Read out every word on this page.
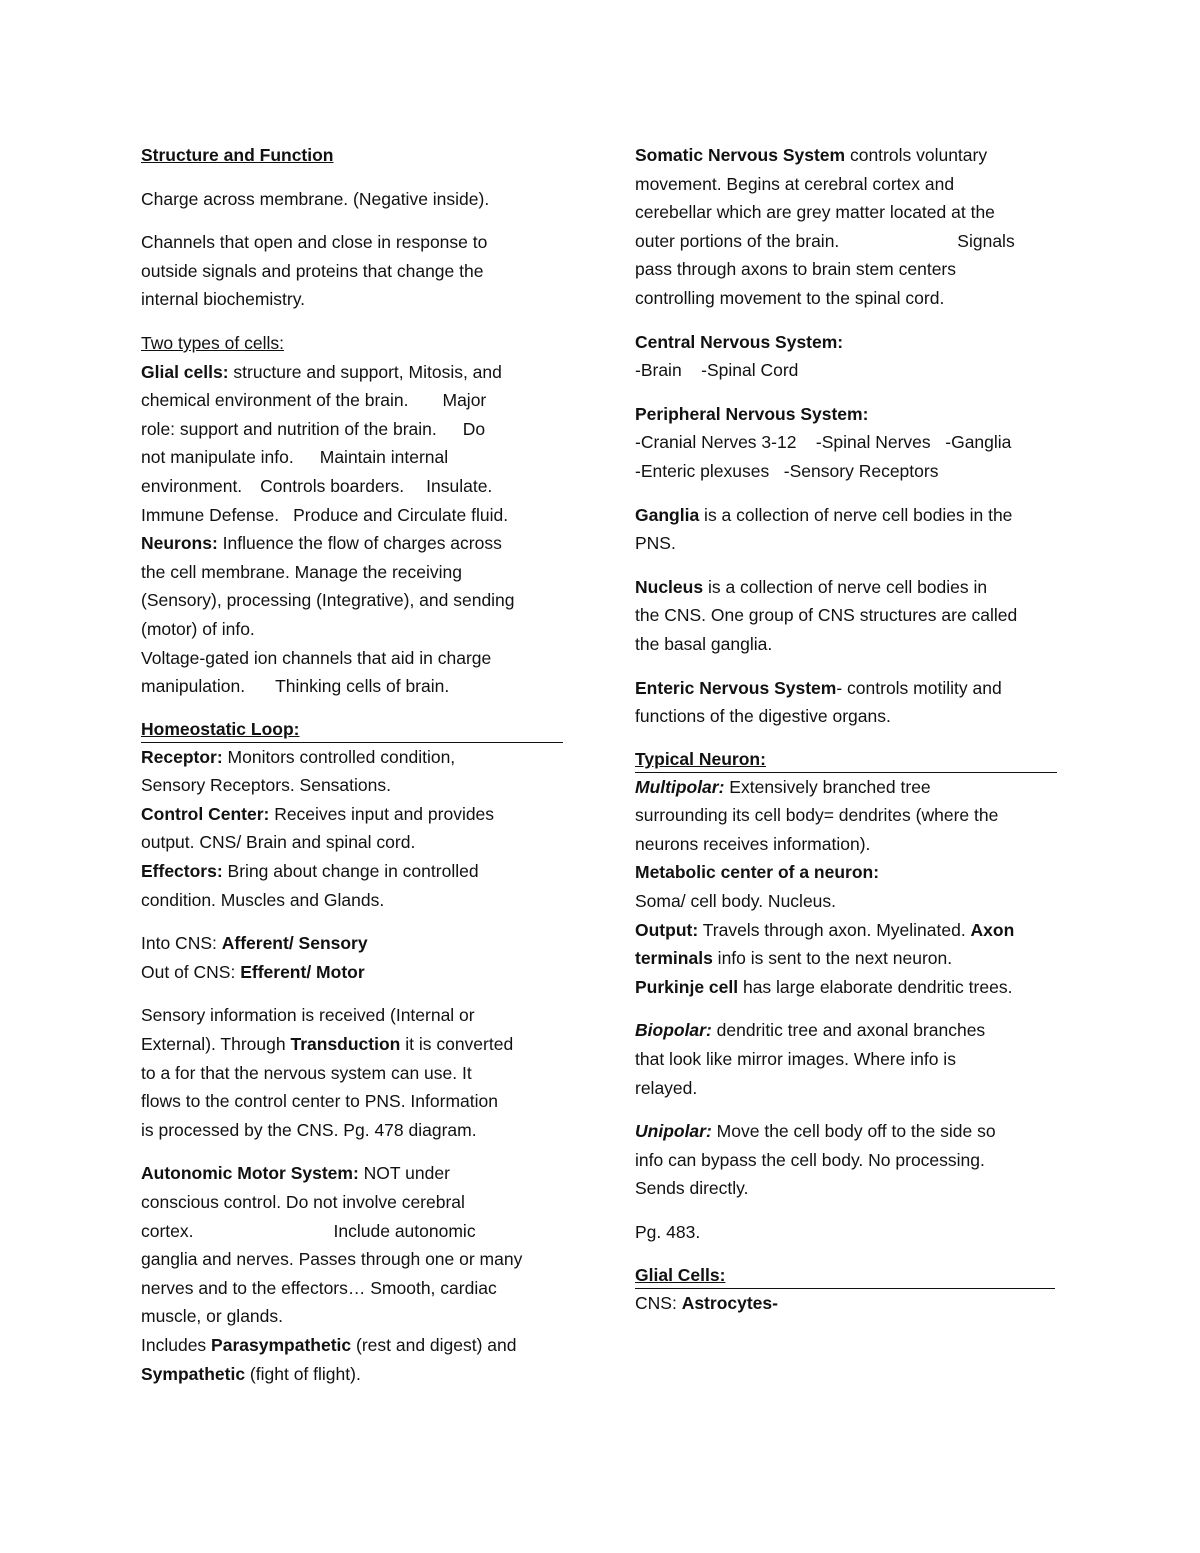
Structure and Function

Charge across membrane. (Negative inside).

Channels that open and close in response to
outside signals and proteins that change the
internal biochemistry.

Two types of cells:
Glial cells: structure and support, Mitosis, and
chemical environment of the brain. Major
role: support and nutrition of the brain. Do
not manipulate info. Maintain internal
environment. Controls boarders. Insulate.
Immune Defense. Produce and Circulate fluid.
Neurons: Influence the flow of charges across
the cell membrane. Manage the receiving
(Sensory), processing (Integrative), and sending
(motor) of info.
Voltage-gated ion channels that aid in charge
manipulation. Thinking cells of brain.

Homeostatic Loop:
Receptor: Monitors controlled condition,
Sensory Receptors. Sensations.
Control Center: Receives input and provides
output. CNS/ Brain and spinal cord.
Effectors: Bring about change in controlled
condition. Muscles and Glands.

Into CNS: Afferent/ Sensory
Out of CNS: Efferent/ Motor

Sensory information is received (Internal or
External). Through Transduction it is converted
to a for that the nervous system can use. It
flows to the control center to PNS. Information
is processed by the CNS. Pg. 478 diagram.

Autonomic Motor System: NOT under
conscious control. Do not involve cerebral
cortex.	Include autonomic
ganglia and nerves. Passes through one or many
nerves and to the effectors… Smooth, cardiac
muscle, or glands.
Includes Parasympathetic (rest and digest) and
Sympathetic (fight of flight).

Somatic Nervous System controls voluntary
movement. Begins at cerebral cortex and
cerebellar which are grey matter located at the
outer portions of the brain.	Signals
pass through axons to brain stem centers
controlling movement to the spinal cord.

Central Nervous System:
-Brain    -Spinal Cord

Peripheral Nervous System:
-Cranial Nerves 3-12    -Spinal Nerves   -Ganglia
-Enteric plexuses   -Sensory Receptors

Ganglia is a collection of nerve cell bodies in the
PNS.

Nucleus is a collection of nerve cell bodies in
the CNS. One group of CNS structures are called
the basal ganglia.

Enteric Nervous System- controls motility and
functions of the digestive organs.

Typical Neuron:
Multipolar: Extensively branched tree
surrounding its cell body= dendrites (where the
neurons receives information).
Metabolic center of a neuron:
Soma/ cell body. Nucleus.
Output: Travels through axon. Myelinated. Axon
terminals info is sent to the next neuron.
Purkinje cell has large elaborate dendritic trees.

Biopolar: dendritic tree and axonal branches
that look like mirror images. Where info is
relayed.

Unipolar: Move the cell body off to the side so
info can bypass the cell body. No processing.
Sends directly.

Pg. 483.

Glial Cells:
CNS: Astrocytes-
